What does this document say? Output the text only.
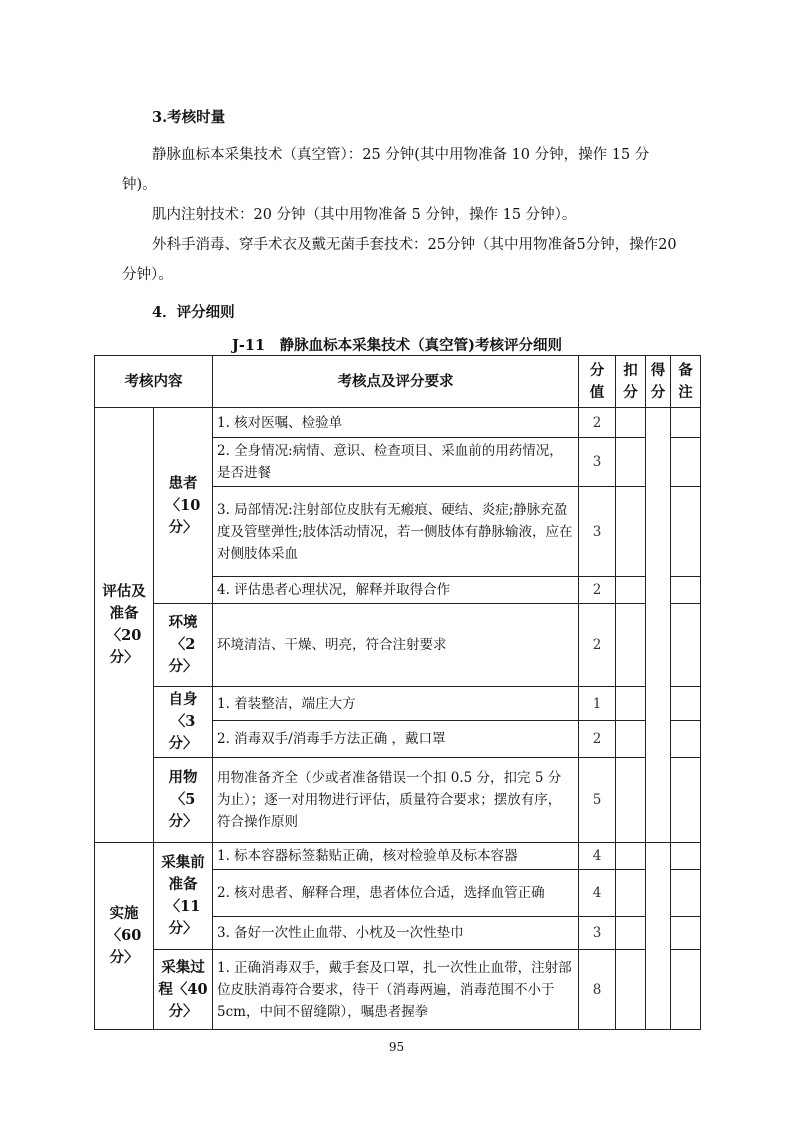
3.考核时量
静脉血标本采集技术（真空管）：25 分钟(其中用物准备 10 分钟，操作 15 分钟)。
肌内注射技术：20 分钟（其中用物准备 5 分钟，操作 15 分钟）。
外科手消毒、穿手术衣及戴无菌手套技术：25分钟（其中用物准备5分钟，操作20分钟）。
4．评分细则
J-11　静脉血标本采集技术（真空管)考核评分细则
考核内容		考核点及评分要求	分值	扣分	得分	备注
评估及准备〈20 分〉	患者〈10 分〉	1. 核对医嘱、检验单	2			
		2. 全身情况:病情、意识、检查项目、采血前的用药情况，是否进餐	3			
		3. 局部情况:注射部位皮肤有无瘢痕、硬结、炎症;静脉充盈度及管壁弹性;肢体活动情况，若一侧肢体有静脉输液，应在对侧肢体采血	3			
		4. 评估患者心理状况，解释并取得合作	2			
	环境〈2 分〉	环境清洁、干燥、明亮，符合注射要求	2			
	自身〈3 分〉	1. 着装整洁，端庄大方	1			
		2. 消毒双手/消毒手方法正确 ，戴口罩	2			
	用物〈5 分〉	用物准备齐全（少或者准备错误一个扣 0.5 分，扣完 5 分为止）；逐一对用物进行评估，质量符合要求；摆放有序，符合操作原则	5			
实施〈60 分〉	采集前准备〈11 分〉	1. 标本容器标签黏贴正确，核对检验单及标本容器	4			
		2. 核对患者、解释合理，患者体位合适，选择血管正确	4			
		3. 备好一次性止血带、小枕及一次性垫巾	3			
	采集过程〈40分〉	1. 正确消毒双手，戴手套及口罩，扎一次性止血带，注射部位皮肤消毒符合要求，待干（消毒两遍，消毒范围不小于 5cm，中间不留缝隙），嘱患者握拳	8			
95
